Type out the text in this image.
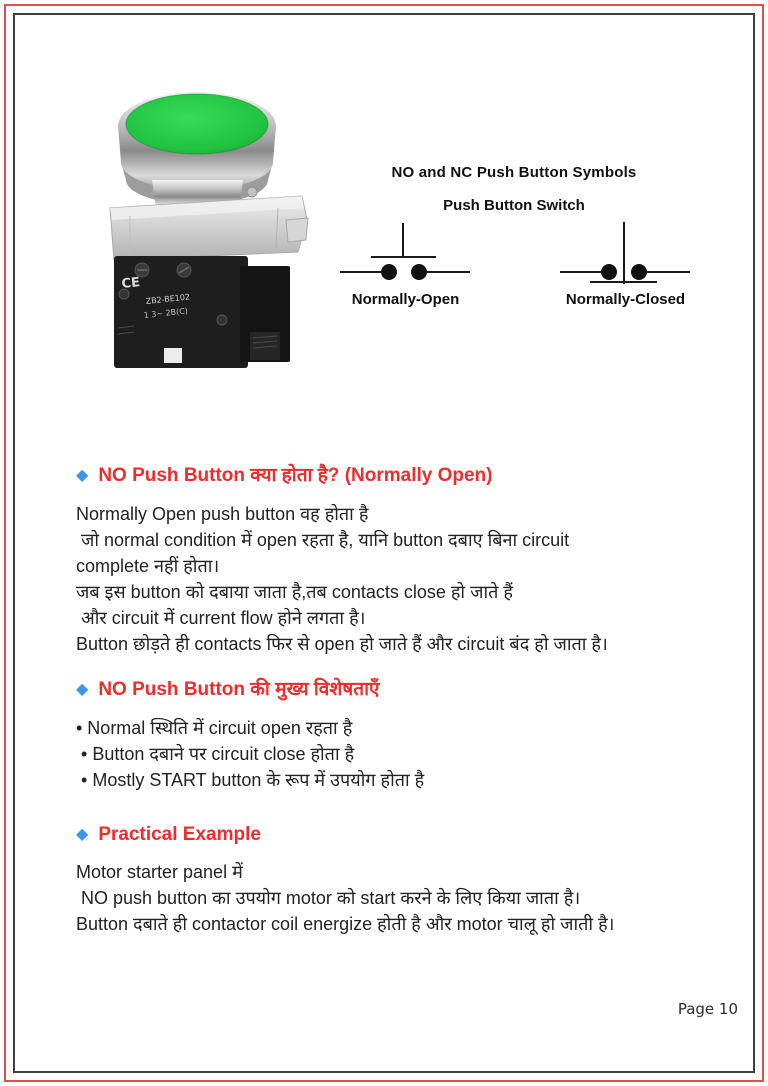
CE
ZB2-BE102
1 3~ 2B(C)
NO and NC Push Button Symbols
Push Button Switch
Normally-Open	Normally-Closed
◆ NO Push Button क्या होता है? (Normally Open)
Normally Open push button वह होता है
जो normal condition में open रहता है, यानि button दबाए बिना circuit
complete नहीं होता।
जब इस button को दबाया जाता है,तब contacts close हो जाते हैं
और circuit में current flow होने लगता है।
Button छोड़ते ही contacts फिर से open हो जाते हैं और circuit बंद हो जाता है।
◆ NO Push Button की मुख्य विशेषताएँ
• Normal स्थिति में circuit open रहता है
• Button दबाने पर circuit close होता है
• Mostly START button के रूप में उपयोग होता है
◆ Practical Example
Motor starter panel में
NO push button का उपयोग motor को start करने के लिए किया जाता है।
Button दबाते ही contactor coil energize होती है और motor चालू हो जाती है।
Page 10
